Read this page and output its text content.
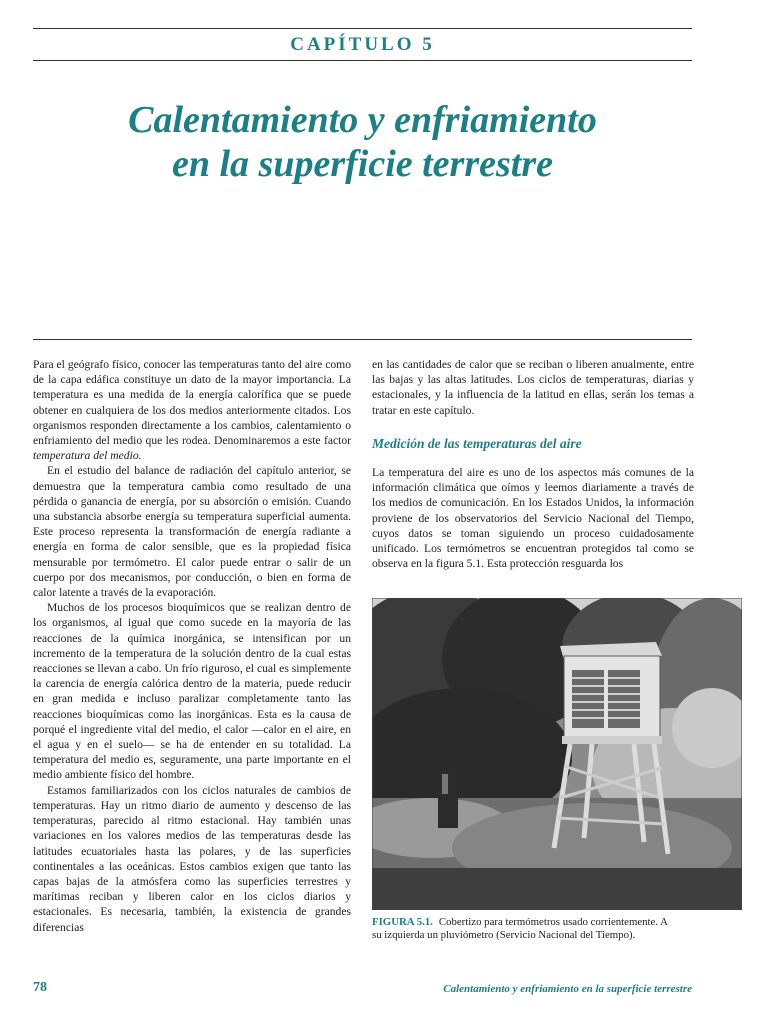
CAPÍTULO 5
Calentamiento y enfriamiento
en la superficie terrestre

Para el geógrafo físico, conocer las temperaturas tanto del aire como de la capa edáfica constituye un dato de la mayor importancia. La temperatura es una medida de la energía calorífica que se puede obtener en cualquiera de los dos medios anteriormente citados. Los organismos responden directamente a los cambios, calentamiento o enfriamiento del medio que les rodea. Denominaremos a este factor temperatura del medio.

En el estudio del balance de radiación del capítulo anterior, se demuestra que la temperatura cambia como resultado de una pérdida o ganancia de energía, por su absorción o emisión. Cuando una substancia absorbe energía su temperatura superficial aumenta. Este proceso representa la transformación de energía radiante a energía en forma de calor sensible, que es la propiedad física mensurable por termómetro. El calor puede entrar o salir de un cuerpo por dos mecanismos, por conducción, o bien en forma de calor latente a través de la evaporación.

Muchos de los procesos bioquímicos que se realizan dentro de los organismos, al igual que como sucede en la mayoría de las reacciones de la química inorgánica, se intensifican por un incremento de la temperatura de la solución dentro de la cual estas reacciones se llevan a cabo. Un frío riguroso, el cual es simplemente la carencia de energía calórica dentro de la materia, puede reducir en gran medida e incluso paralizar completamente tanto las reacciones bioquímicas como las inorgánicas. Esta es la causa de porqué el ingrediente vital del medio, el calor —calor en el aire, en el agua y en el suelo— se ha de entender en su totalidad. La temperatura del medio es, seguramente, una parte importante en el medio ambiente físico del hombre.

Estamos familiarizados con los ciclos naturales de cambios de temperaturas. Hay un ritmo diario de aumento y descenso de las temperaturas, parecido al ritmo estacional. Hay también unas variaciones en los valores medios de las temperaturas desde las latitudes ecuatoriales hasta las polares, y de las superficies continentales a las oceánicas. Estos cambios exigen que tanto las capas bajas de la atmósfera como las superficies terrestres y marítimas reciban y liberen calor en los ciclos diarios y estacionales. Es necesaria, también, la existencia de grandes diferencias

en las cantidades de calor que se reciban o liberen anualmente, entre las bajas y las altas latitudes. Los ciclos de temperaturas, diarias y estacionales, y la influencia de la latitud en ellas, serán los temas a tratar en este capítulo.

Medición de las temperaturas del aire

La temperatura del aire es uno de los aspectos más comunes de la información climática que oímos y leemos diariamente a través de los medios de comunicación. En los Estados Unidos, la información proviene de los observatorios del Servicio Nacional del Tiempo, cuyos datos se toman siguiendo un proceso cuidadosamente unificado. Los termómetros se encuentran protegidos tal como se observa en la figura 5.1. Esta protección resguarda los

FIGURA 5.1. Cobertizo para termómetros usado corrientemente. A su izquierda un pluviómetro (Servicio Nacional del Tiempo).
78	Calentamiento y enfriamiento en la superficie terrestre
